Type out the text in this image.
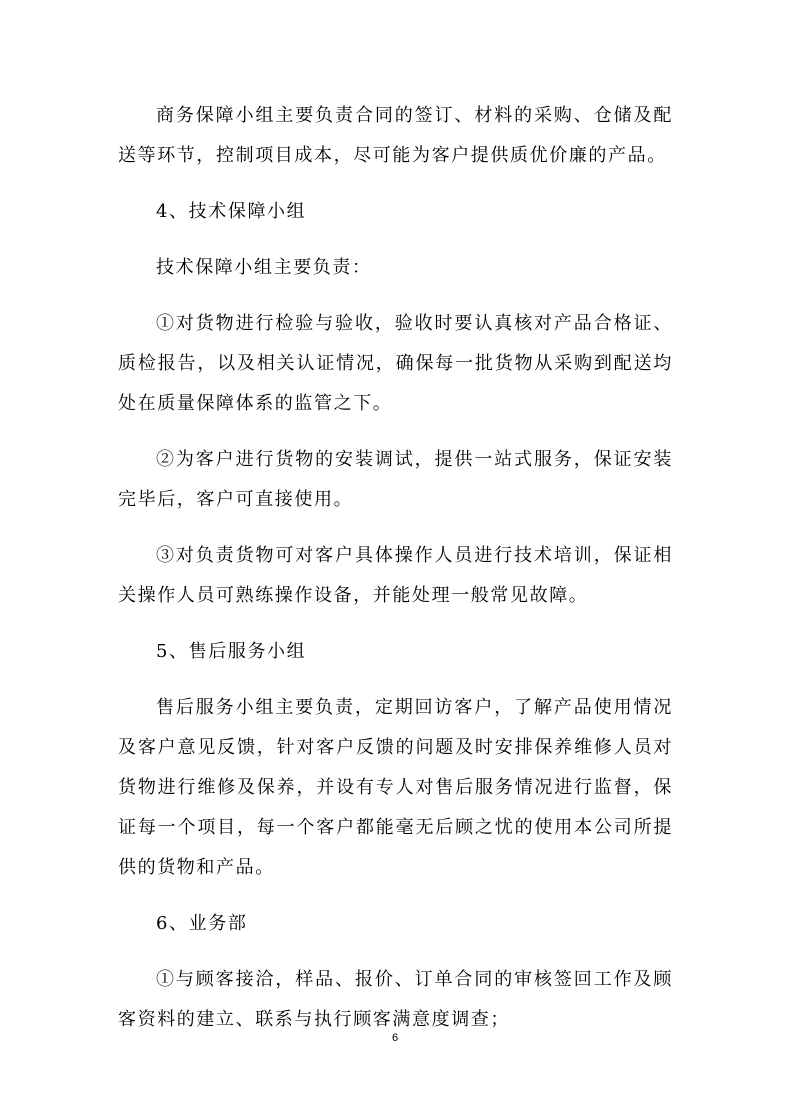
商务保障小组主要负责合同的签订、材料的采购、仓储及配送等环节，控制项目成本，尽可能为客户提供质优价廉的产品。

4、技术保障小组

技术保障小组主要负责：

①对货物进行检验与验收，验收时要认真核对产品合格证、质检报告，以及相关认证情况，确保每一批货物从采购到配送均处在质量保障体系的监管之下。

②为客户进行货物的安装调试，提供一站式服务，保证安装完毕后，客户可直接使用。

③对负责货物可对客户具体操作人员进行技术培训，保证相关操作人员可熟练操作设备，并能处理一般常见故障。

5、售后服务小组

售后服务小组主要负责，定期回访客户，了解产品使用情况及客户意见反馈，针对客户反馈的问题及时安排保养维修人员对货物进行维修及保养，并设有专人对售后服务情况进行监督，保证每一个项目，每一个客户都能毫无后顾之忧的使用本公司所提供的货物和产品。

6、业务部

①与顾客接洽，样品、报价、订单合同的审核签回工作及顾客资料的建立、联系与执行顾客满意度调查；

6
